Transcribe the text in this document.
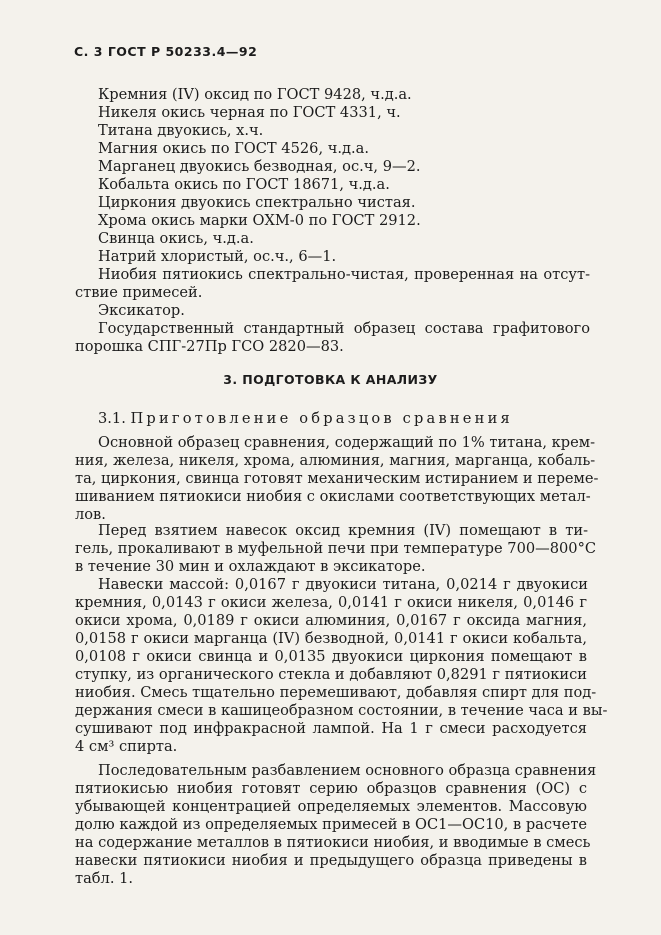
С. 3 ГОСТ Р 50233.4—92
Кремния (IV) оксид по ГОСТ 9428, ч.д.а.
Никеля окись черная по ГОСТ 4331, ч.
Титана двуокись, х.ч.
Магния окись по ГОСТ 4526, ч.д.а.
Марганец двуокись безводная, ос.ч, 9—2.
Кобальта окись по ГОСТ 18671, ч.д.а.
Циркония двуокись спектрально чистая.
Хрома окись марки ОХМ-0 по ГОСТ 2912.
Свинца окись, ч.д.а.
Натрий хлористый, ос.ч., 6—1.
Ниобия пятиокись спектрально-чистая, проверенная на отсут-
ствие примесей.
Эксикатор.
Государственный стандартный образец состава графитового
порошка СПГ-27Пр ГСО 2820—83.
3. ПОДГОТОВКА К АНАЛИЗУ
3.1. Приготовление образцов сравнения
Основной образец сравнения, содержащий по 1% титана, крем-
ния, железа, никеля, хрома, алюминия, магния, марганца, кобаль-
та, циркония, свинца готовят механическим истиранием и переме-
шиванием пятиокиси ниобия с окислами соответствующих метал-
лов.
Перед взятием навесок оксид кремния (IV) помещают в ти-
гель, прокаливают в муфельной печи при температуре 700—800°С
в течение 30 мин и охлаждают в эксикаторе.
Навески массой: 0,0167 г двуокиси титана, 0,0214 г двуокиси
кремния, 0,0143 г окиси железа, 0,0141 г окиси никеля, 0,0146 г
окиси хрома, 0,0189 г окиси алюминия, 0,0167 г оксида магния,
0,0158 г окиси марганца (IV) безводной, 0,0141 г окиси кобальта,
0,0108 г окиси свинца и 0,0135 двуокиси циркония помещают в
ступку, из органического стекла и добавляют 0,8291 г пятиокиси
ниобия. Смесь тщательно перемешивают, добавляя спирт для под-
держания смеси в кашицеобразном состоянии, в течение часа и вы-
сушивают под инфракрасной лампой. На 1 г смеси расходуется
4 см³ спирта.
Последовательным разбавлением основного образца сравнения
пятиокисью ниобия готовят серию образцов сравнения (ОС) с
убывающей концентрацией определяемых элементов. Массовую
долю каждой из определяемых примесей в ОС1—ОС10, в расчете
на содержание металлов в пятиокиси ниобия, и вводимые в смесь
навески пятиокиси ниобия и предыдущего образца приведены в
табл. 1.
